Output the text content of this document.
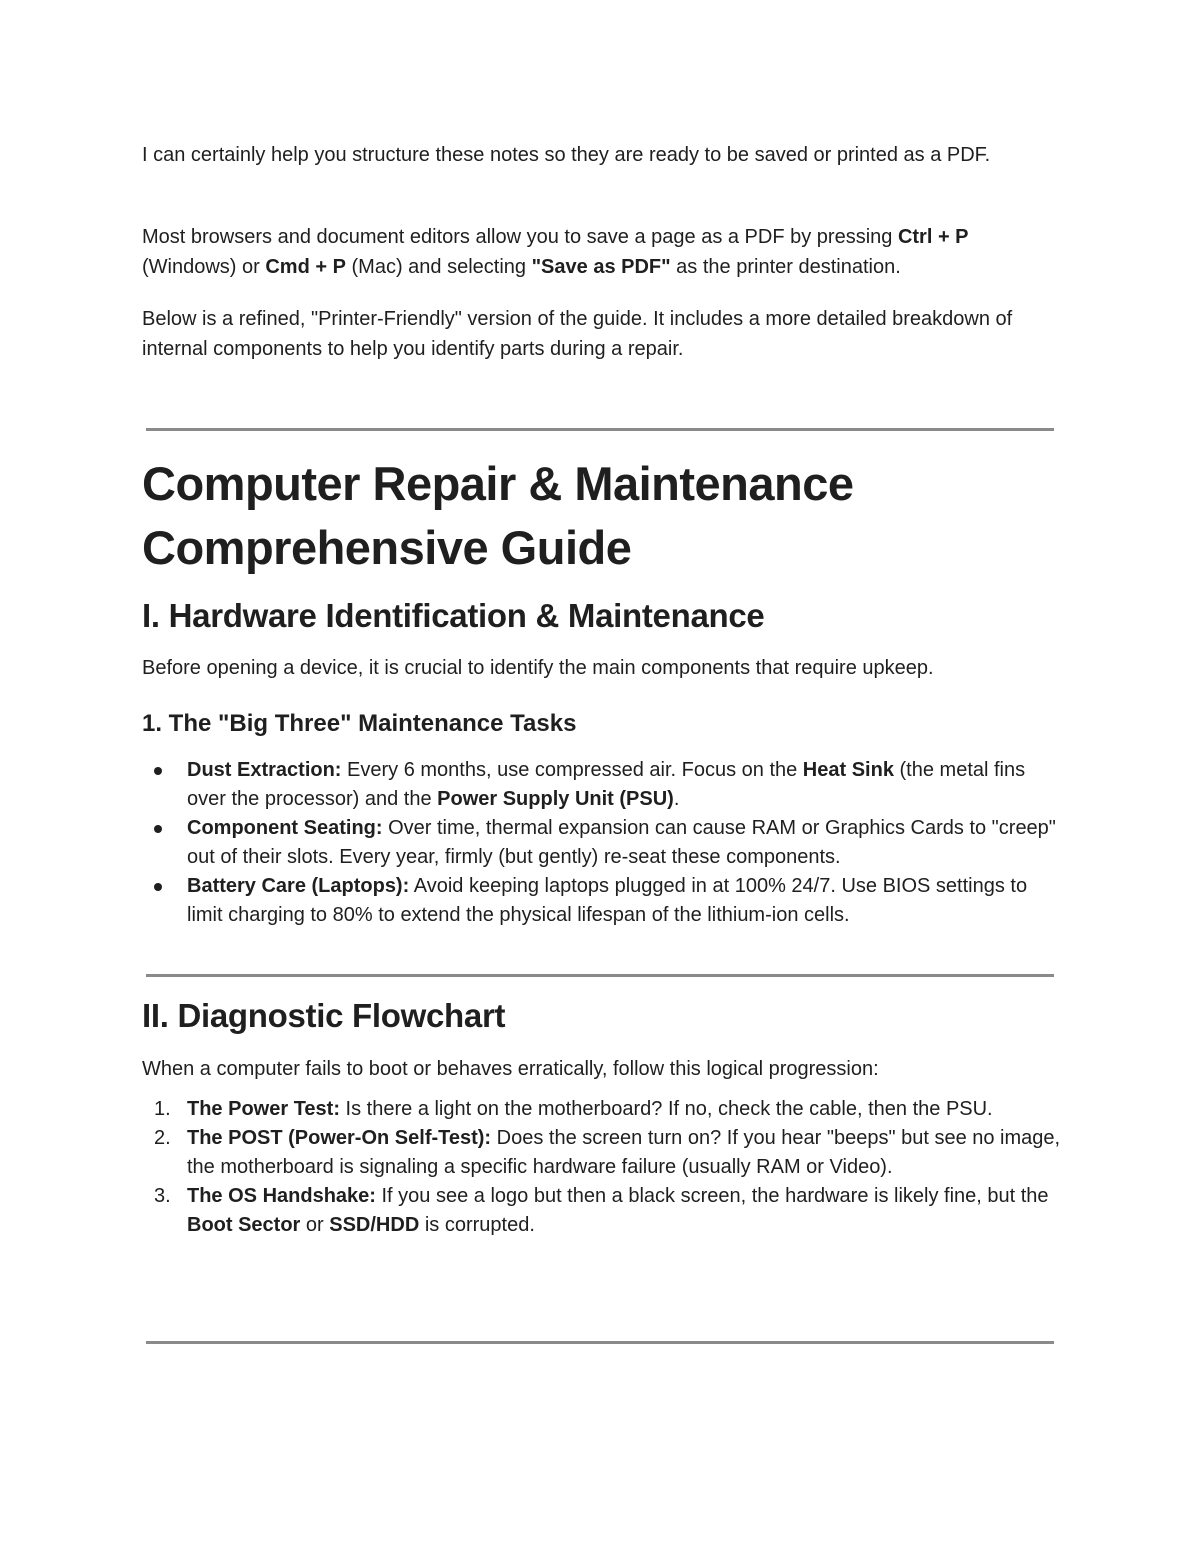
I can certainly help you structure these notes so they are ready to be saved or printed as a PDF.

Most browsers and document editors allow you to save a page as a PDF by pressing Ctrl + P (Windows) or Cmd + P (Mac) and selecting "Save as PDF" as the printer destination.

Below is a refined, "Printer-Friendly" version of the guide. It includes a more detailed breakdown of internal components to help you identify parts during a repair.

Computer Repair & Maintenance
Comprehensive Guide
I. Hardware Identification & Maintenance

Before opening a device, it is crucial to identify the main components that require upkeep.

1. The "Big Three" Maintenance Tasks
Dust Extraction: Every 6 months, use compressed air. Focus on the Heat Sink (the metal fins over the processor) and the Power Supply Unit (PSU).
Component Seating: Over time, thermal expansion can cause RAM or Graphics Cards to "creep" out of their slots. Every year, firmly (but gently) re-seat these components.
Battery Care (Laptops): Avoid keeping laptops plugged in at 100% 24/7. Use BIOS settings to limit charging to 80% to extend the physical lifespan of the lithium-ion cells.
II. Diagnostic Flowchart

When a computer fails to boot or behaves erratically, follow this logical progression:

1. The Power Test: Is there a light on the motherboard? If no, check the cable, then the PSU.
2. The POST (Power-On Self-Test): Does the screen turn on? If you hear "beeps" but see no image, the motherboard is signaling a specific hardware failure (usually RAM or Video).
3. The OS Handshake: If you see a logo but then a black screen, the hardware is likely fine, but the Boot Sector or SSD/HDD is corrupted.
